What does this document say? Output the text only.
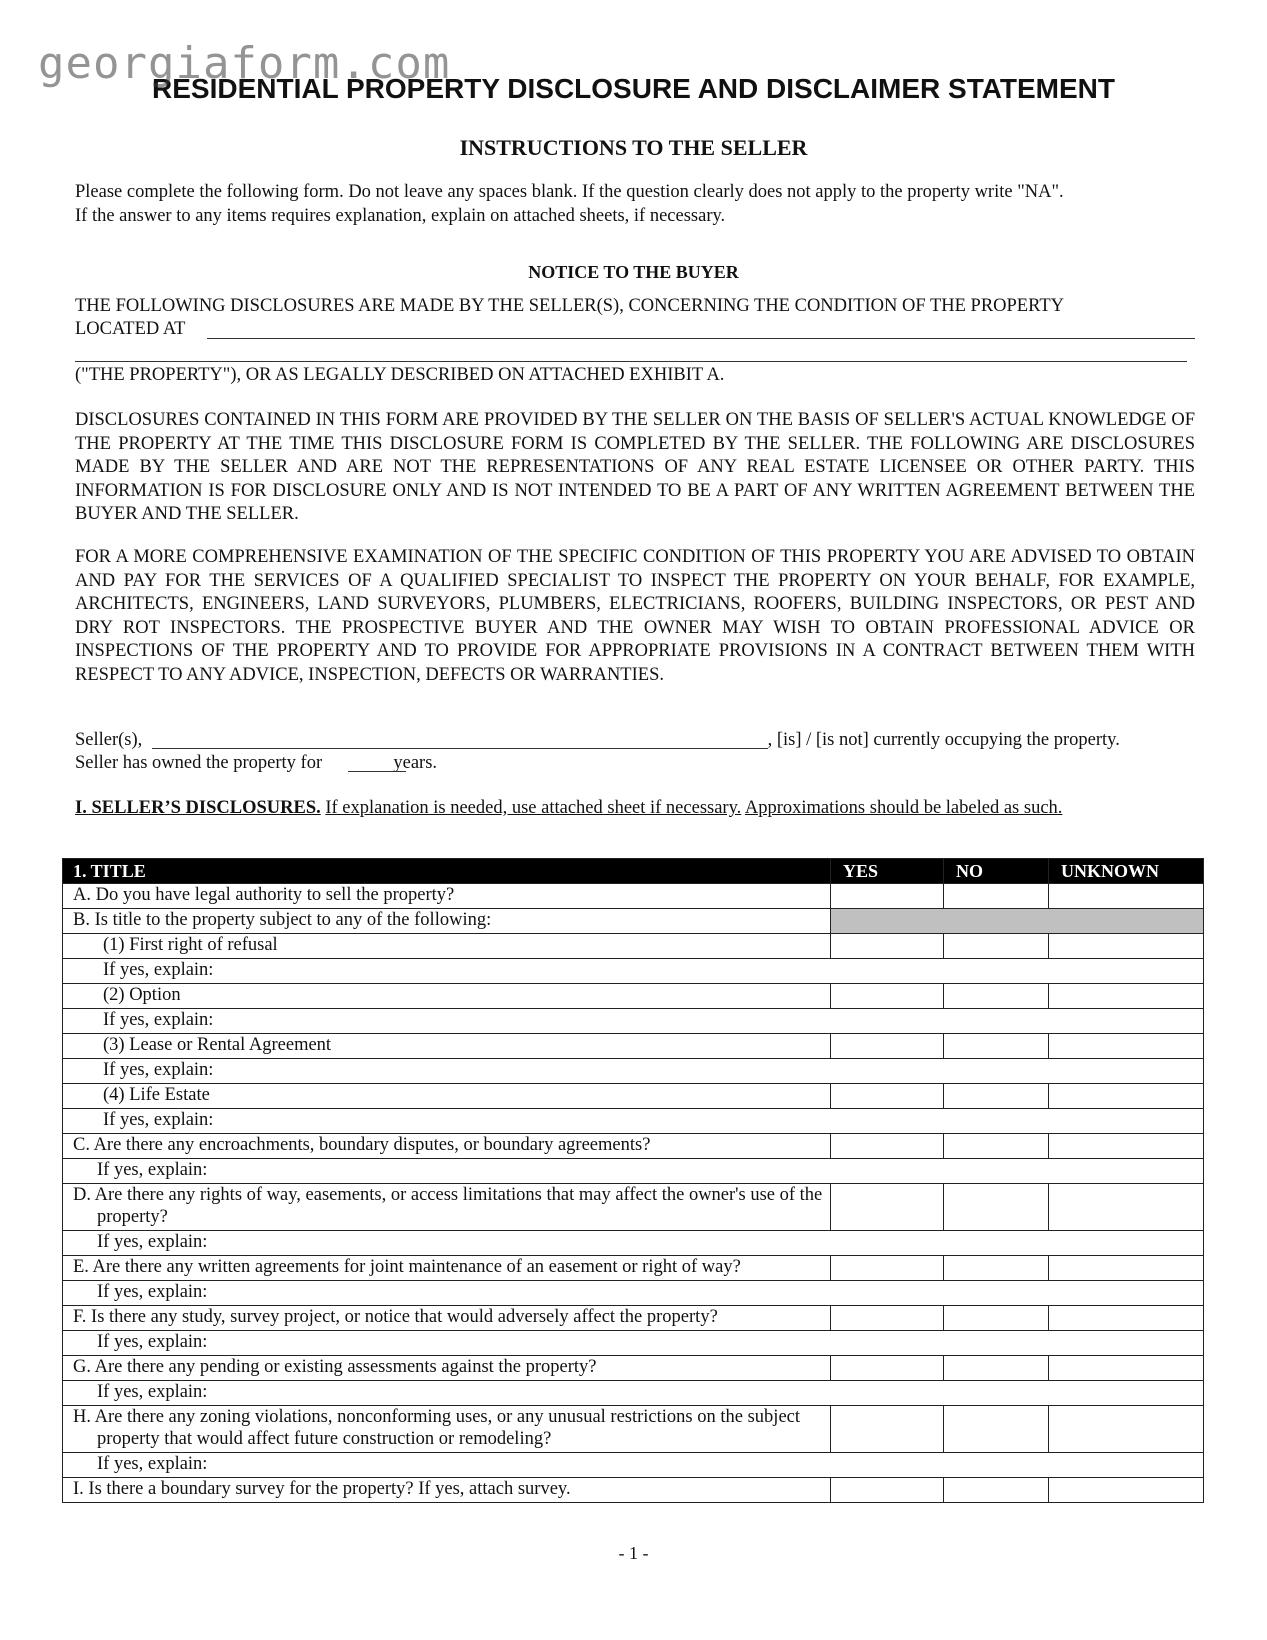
georgiaform.com
RESIDENTIAL PROPERTY DISCLOSURE AND DISCLAIMER STATEMENT
INSTRUCTIONS TO THE SELLER
Please complete the following form. Do not leave any spaces blank. If the question clearly does not apply to the property write "NA".
If the answer to any items requires explanation, explain on attached sheets, if necessary.
NOTICE TO THE BUYER
THE FOLLOWING DISCLOSURES ARE MADE BY THE SELLER(S), CONCERNING THE CONDITION OF THE PROPERTY
LOCATED AT
("THE PROPERTY"), OR AS LEGALLY DESCRIBED ON ATTACHED EXHIBIT A.
DISCLOSURES CONTAINED IN THIS FORM ARE PROVIDED BY THE SELLER ON THE BASIS OF SELLER'S ACTUAL KNOWLEDGE OF THE PROPERTY AT THE TIME THIS DISCLOSURE FORM IS COMPLETED BY THE SELLER. THE FOLLOWING ARE DISCLOSURES MADE BY THE SELLER AND ARE NOT THE REPRESENTATIONS OF ANY REAL ESTATE LICENSEE OR OTHER PARTY. THIS INFORMATION IS FOR DISCLOSURE ONLY AND IS NOT INTENDED TO BE A PART OF ANY WRITTEN AGREEMENT BETWEEN THE BUYER AND THE SELLER.
FOR A MORE COMPREHENSIVE EXAMINATION OF THE SPECIFIC CONDITION OF THIS PROPERTY YOU ARE ADVISED TO OBTAIN AND PAY FOR THE SERVICES OF A QUALIFIED SPECIALIST TO INSPECT THE PROPERTY ON YOUR BEHALF, FOR EXAMPLE, ARCHITECTS, ENGINEERS, LAND SURVEYORS, PLUMBERS, ELECTRICIANS, ROOFERS, BUILDING INSPECTORS, OR PEST AND DRY ROT INSPECTORS. THE PROSPECTIVE BUYER AND THE OWNER MAY WISH TO OBTAIN PROFESSIONAL ADVICE OR INSPECTIONS OF THE PROPERTY AND TO PROVIDE FOR APPROPRIATE PROVISIONS IN A CONTRACT BETWEEN THEM WITH RESPECT TO ANY ADVICE, INSPECTION, DEFECTS OR WARRANTIES.
Seller(s),	, [is] / [is not] currently occupying the property.
Seller has owned the property for	years.
I. SELLER’S DISCLOSURES. If explanation is needed, use attached sheet if necessary. Approximations should be labeled as such.
1. TITLE	YES	NO	UNKNOWN
A. Do you have legal authority to sell the property?			
B. Is title to the property subject to any of the following:			
(1) First right of refusal			
If yes, explain:			
(2) Option			
If yes, explain:			
(3) Lease or Rental Agreement			
If yes, explain:			
(4) Life Estate			
If yes, explain:			
C. Are there any encroachments, boundary disputes, or boundary agreements?			
If yes, explain:			

D. Are there any rights of way, easements, or access limitations that may affect the owner's use of the property?			

If yes, explain:			
E. Are there any written agreements for joint maintenance of an easement or right of way?			
If yes, explain:			
F. Is there any study, survey project, or notice that would adversely affect the property?			
If yes, explain:			
G. Are there any pending or existing assessments against the property?			
If yes, explain:			

H. Are there any zoning violations, nonconforming uses, or any unusual restrictions on the subject property that would affect future construction or remodeling?			

If yes, explain:			
I. Is there a boundary survey for the property? If yes, attach survey.			
- 1 -
